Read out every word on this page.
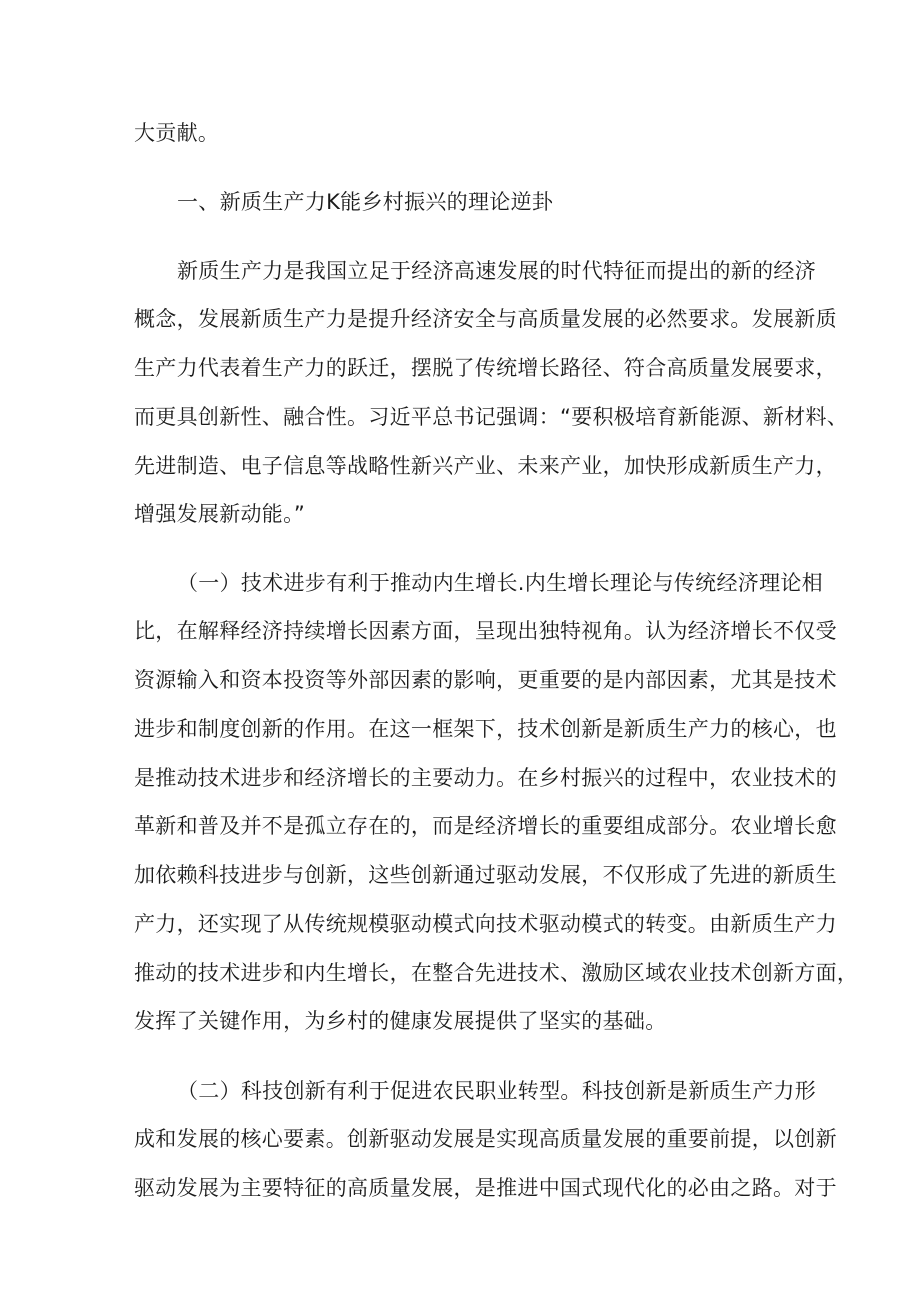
大贡献。
一、新质生产力K能乡村振兴的理论逆卦
新质生产力是我国立足于经济高速发展的时代特征而提出的新的经济
概念，发展新质生产力是提升经济安全与高质量发展的必然要求。发展新质
生产力代表着生产力的跃迁，摆脱了传统增长路径、符合高质量发展要求，
而更具创新性、融合性。习近平总书记强调：“要积极培育新能源、新材料、
先进制造、电子信息等战略性新兴产业、未来产业，加快形成新质生产力，
增强发展新动能。”
（一）技术进步有利于推动内生增长.内生增长理论与传统经济理论相
比，在解释经济持续增长因素方面，呈现出独特视角。认为经济增长不仅受
资源输入和资本投资等外部因素的影响，更重要的是内部因素，尤其是技术
进步和制度创新的作用。在这一框架下，技术创新是新质生产力的核心，也
是推动技术进步和经济增长的主要动力。在乡村振兴的过程中，农业技术的
革新和普及并不是孤立存在的，而是经济增长的重要组成部分。农业增长愈
加依赖科技进步与创新，这些创新通过驱动发展，不仅形成了先进的新质生
产力，还实现了从传统规模驱动模式向技术驱动模式的转变。由新质生产力
推动的技术进步和内生增长，在整合先进技术、激励区域农业技术创新方面，
发挥了关键作用，为乡村的健康发展提供了坚实的基础。
（二）科技创新有利于促进农民职业转型。科技创新是新质生产力形
成和发展的核心要素。创新驱动发展是实现高质量发展的重要前提，以创新
驱动发展为主要特征的高质量发展，是推进中国式现代化的必由之路。对于
